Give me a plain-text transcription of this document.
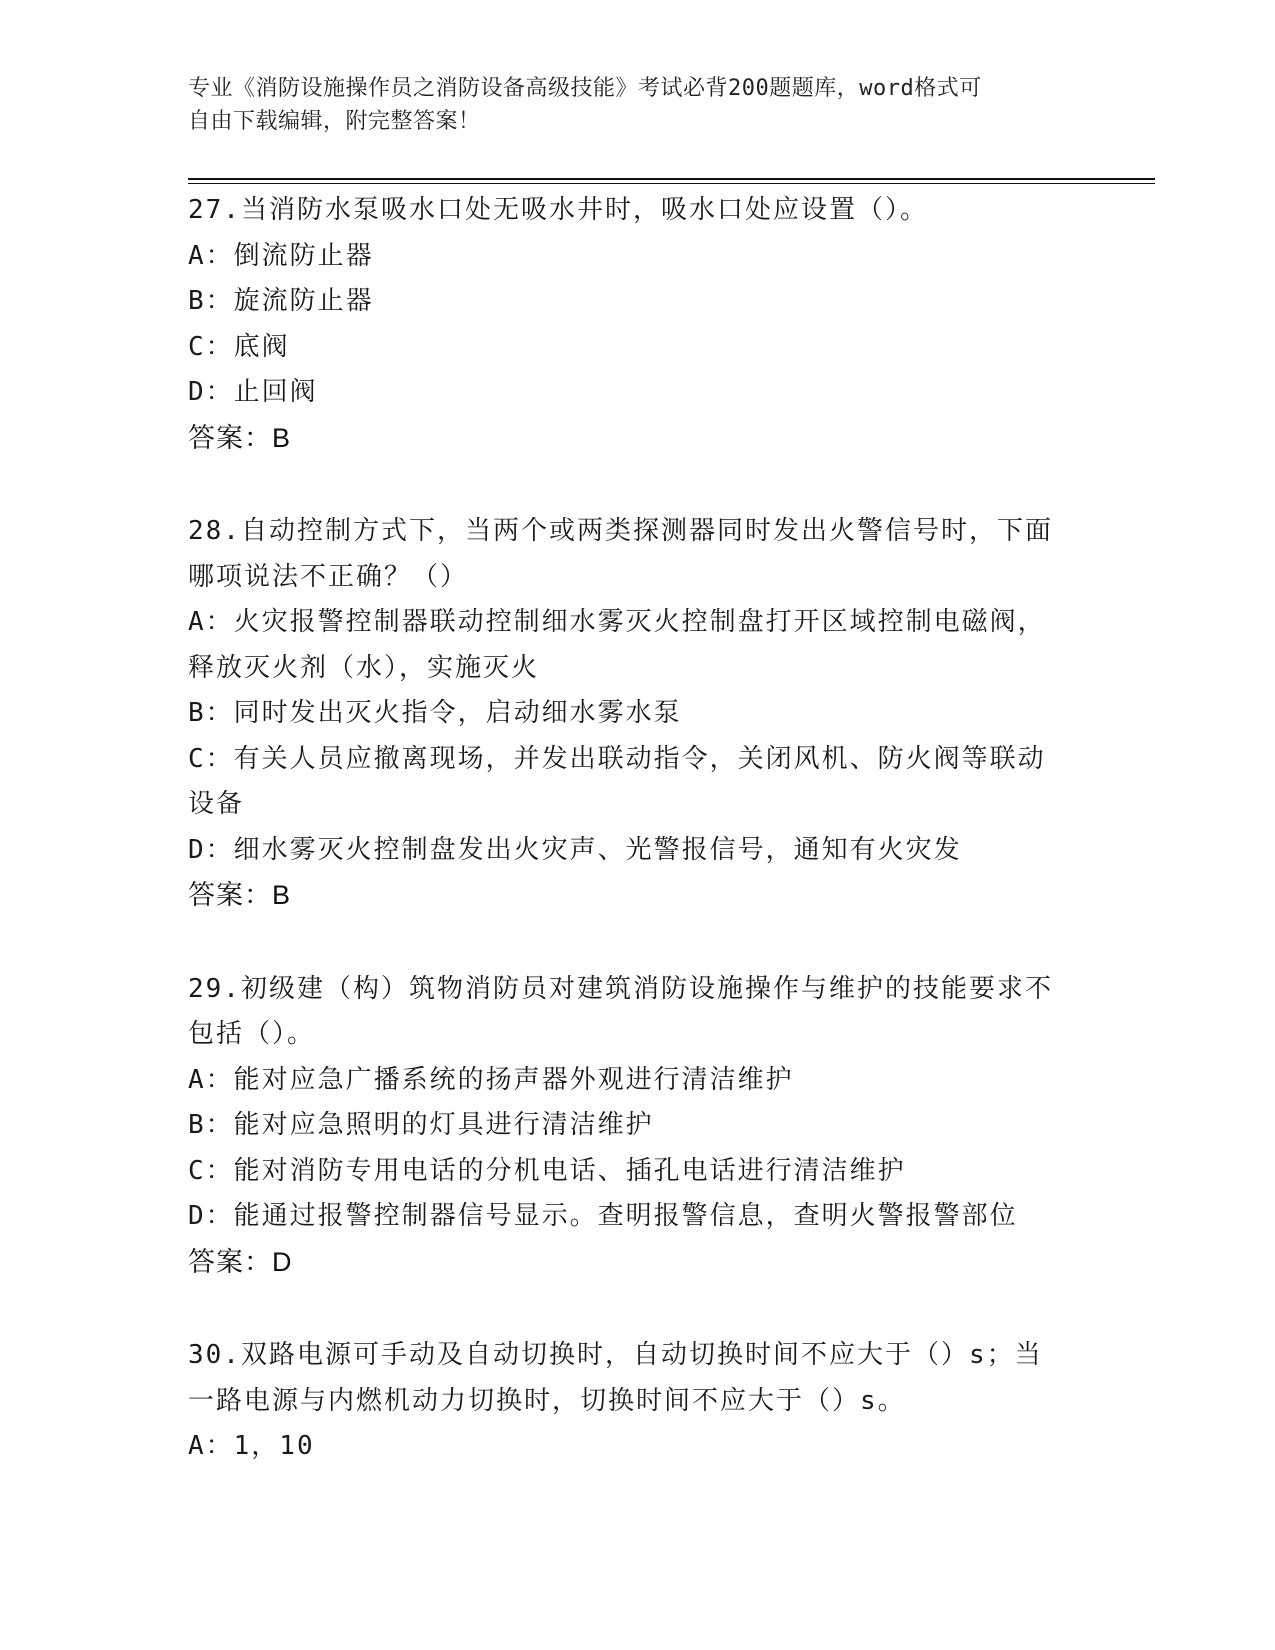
专业《消防设施操作员之消防设备高级技能》考试必背200题题库，word格式可
自由下载编辑，附完整答案！

27.当消防水泵吸水口处无吸水井时，吸水口处应设置（）。

A：倒流防止器

B：旋流防止器

C：底阀

D：止回阀

答案：B

28.自动控制方式下，当两个或两类探测器同时发出火警信号时，下面

哪项说法不正确？（）

A：火灾报警控制器联动控制细水雾灭火控制盘打开区域控制电磁阀，

释放灭火剂（水），实施灭火

B：同时发出灭火指令，启动细水雾水泵

C：有关人员应撤离现场，并发出联动指令，关闭风机、防火阀等联动

设备

D：细水雾灭火控制盘发出火灾声、光警报信号，通知有火灾发

答案：B

29.初级建（构）筑物消防员对建筑消防设施操作与维护的技能要求不

包括（）。

A：能对应急广播系统的扬声器外观进行清洁维护

B：能对应急照明的灯具进行清洁维护

C：能对消防专用电话的分机电话、插孔电话进行清洁维护

D：能通过报警控制器信号显示。查明报警信息，查明火警报警部位

答案：D

30.双路电源可手动及自动切换时，自动切换时间不应大于（）s；当

一路电源与内燃机动力切换时，切换时间不应大于（）s。

A：1，10
